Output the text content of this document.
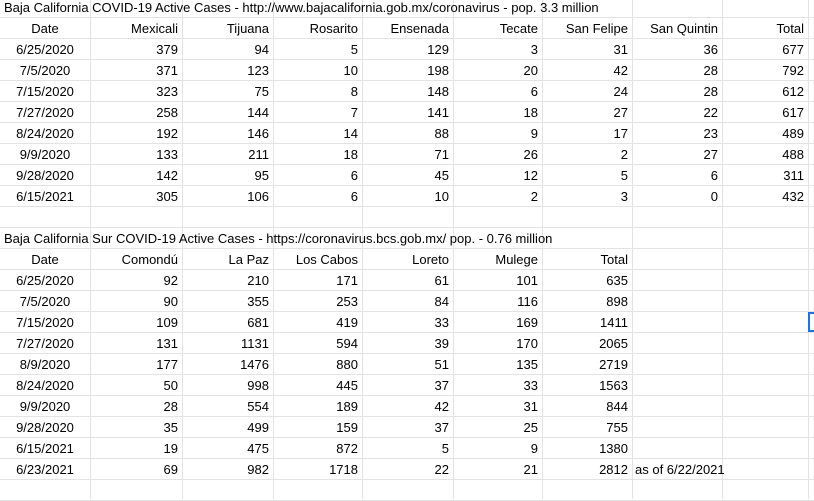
Baja California COVID-19 Active Cases - http://www.bajacalifornia.gob.mx/coronavirus - pop. 3.3 million
Date	Mexicali	Tijuana	Rosarito	Ensenada	Tecate	San Felipe	San Quintin	Total
6/25/2020	379	94	5	129	3	31	36	677
7/5/2020	371	123	10	198	20	42	28	792
7/15/2020	323	75	8	148	6	24	28	612
7/27/2020	258	144	7	141	18	27	22	617
8/24/2020	192	146	14	88	9	17	23	489
9/9/2020	133	211	18	71	26	2	27	488
9/28/2020	142	95	6	45	12	5	6	311
6/15/2021	305	106	6	10	2	3	0	432
Baja California Sur COVID-19 Active Cases - https://coronavirus.bcs.gob.mx/ pop. - 0.76 million
Date	Comondú	La Paz	Los Cabos	Loreto	Mulege	Total
6/25/2020	92	210	171	61	101	635
7/5/2020	90	355	253	84	116	898
7/15/2020	109	681	419	33	169	1411
7/27/2020	131	1131	594	39	170	2065
8/9/2020	177	1476	880	51	135	2719
8/24/2020	50	998	445	37	33	1563
9/9/2020	28	554	189	42	31	844
9/28/2020	35	499	159	37	25	755
6/15/2021	19	475	872	5	9	1380
6/23/2021	69	982	1718	22	21	2812 as of 6/22/2021
